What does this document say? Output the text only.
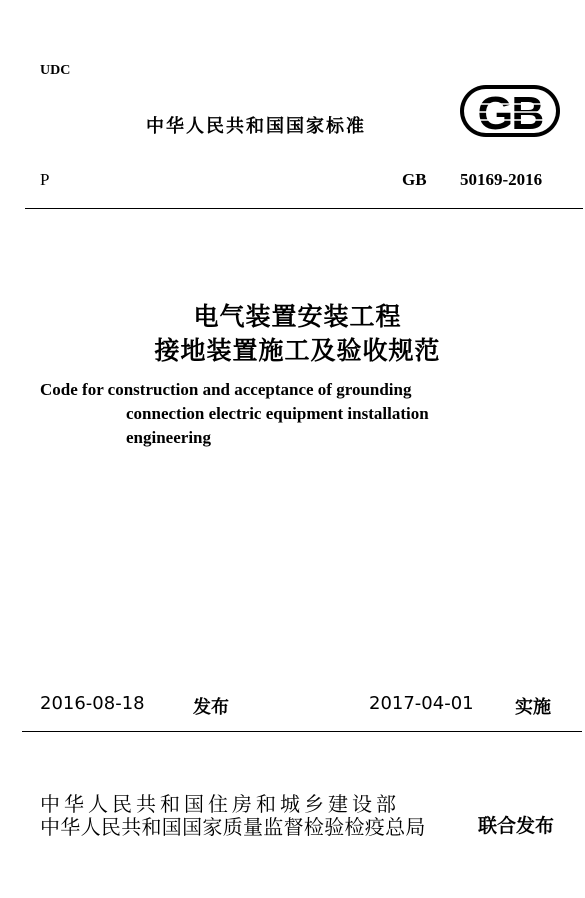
UDC
中华人民共和国国家标准 GB
P	GB 50169-2016
电气装置安装工程
接地装置施工及验收规范
Code for construction and acceptance of grounding
connection electric equipment installation
engineering
2016-08-18	发布	2017-04-01 实施
中华人民共和国住房和城乡建设部
中华人民共和国国家质量监督检验检疫总局	联合发布
